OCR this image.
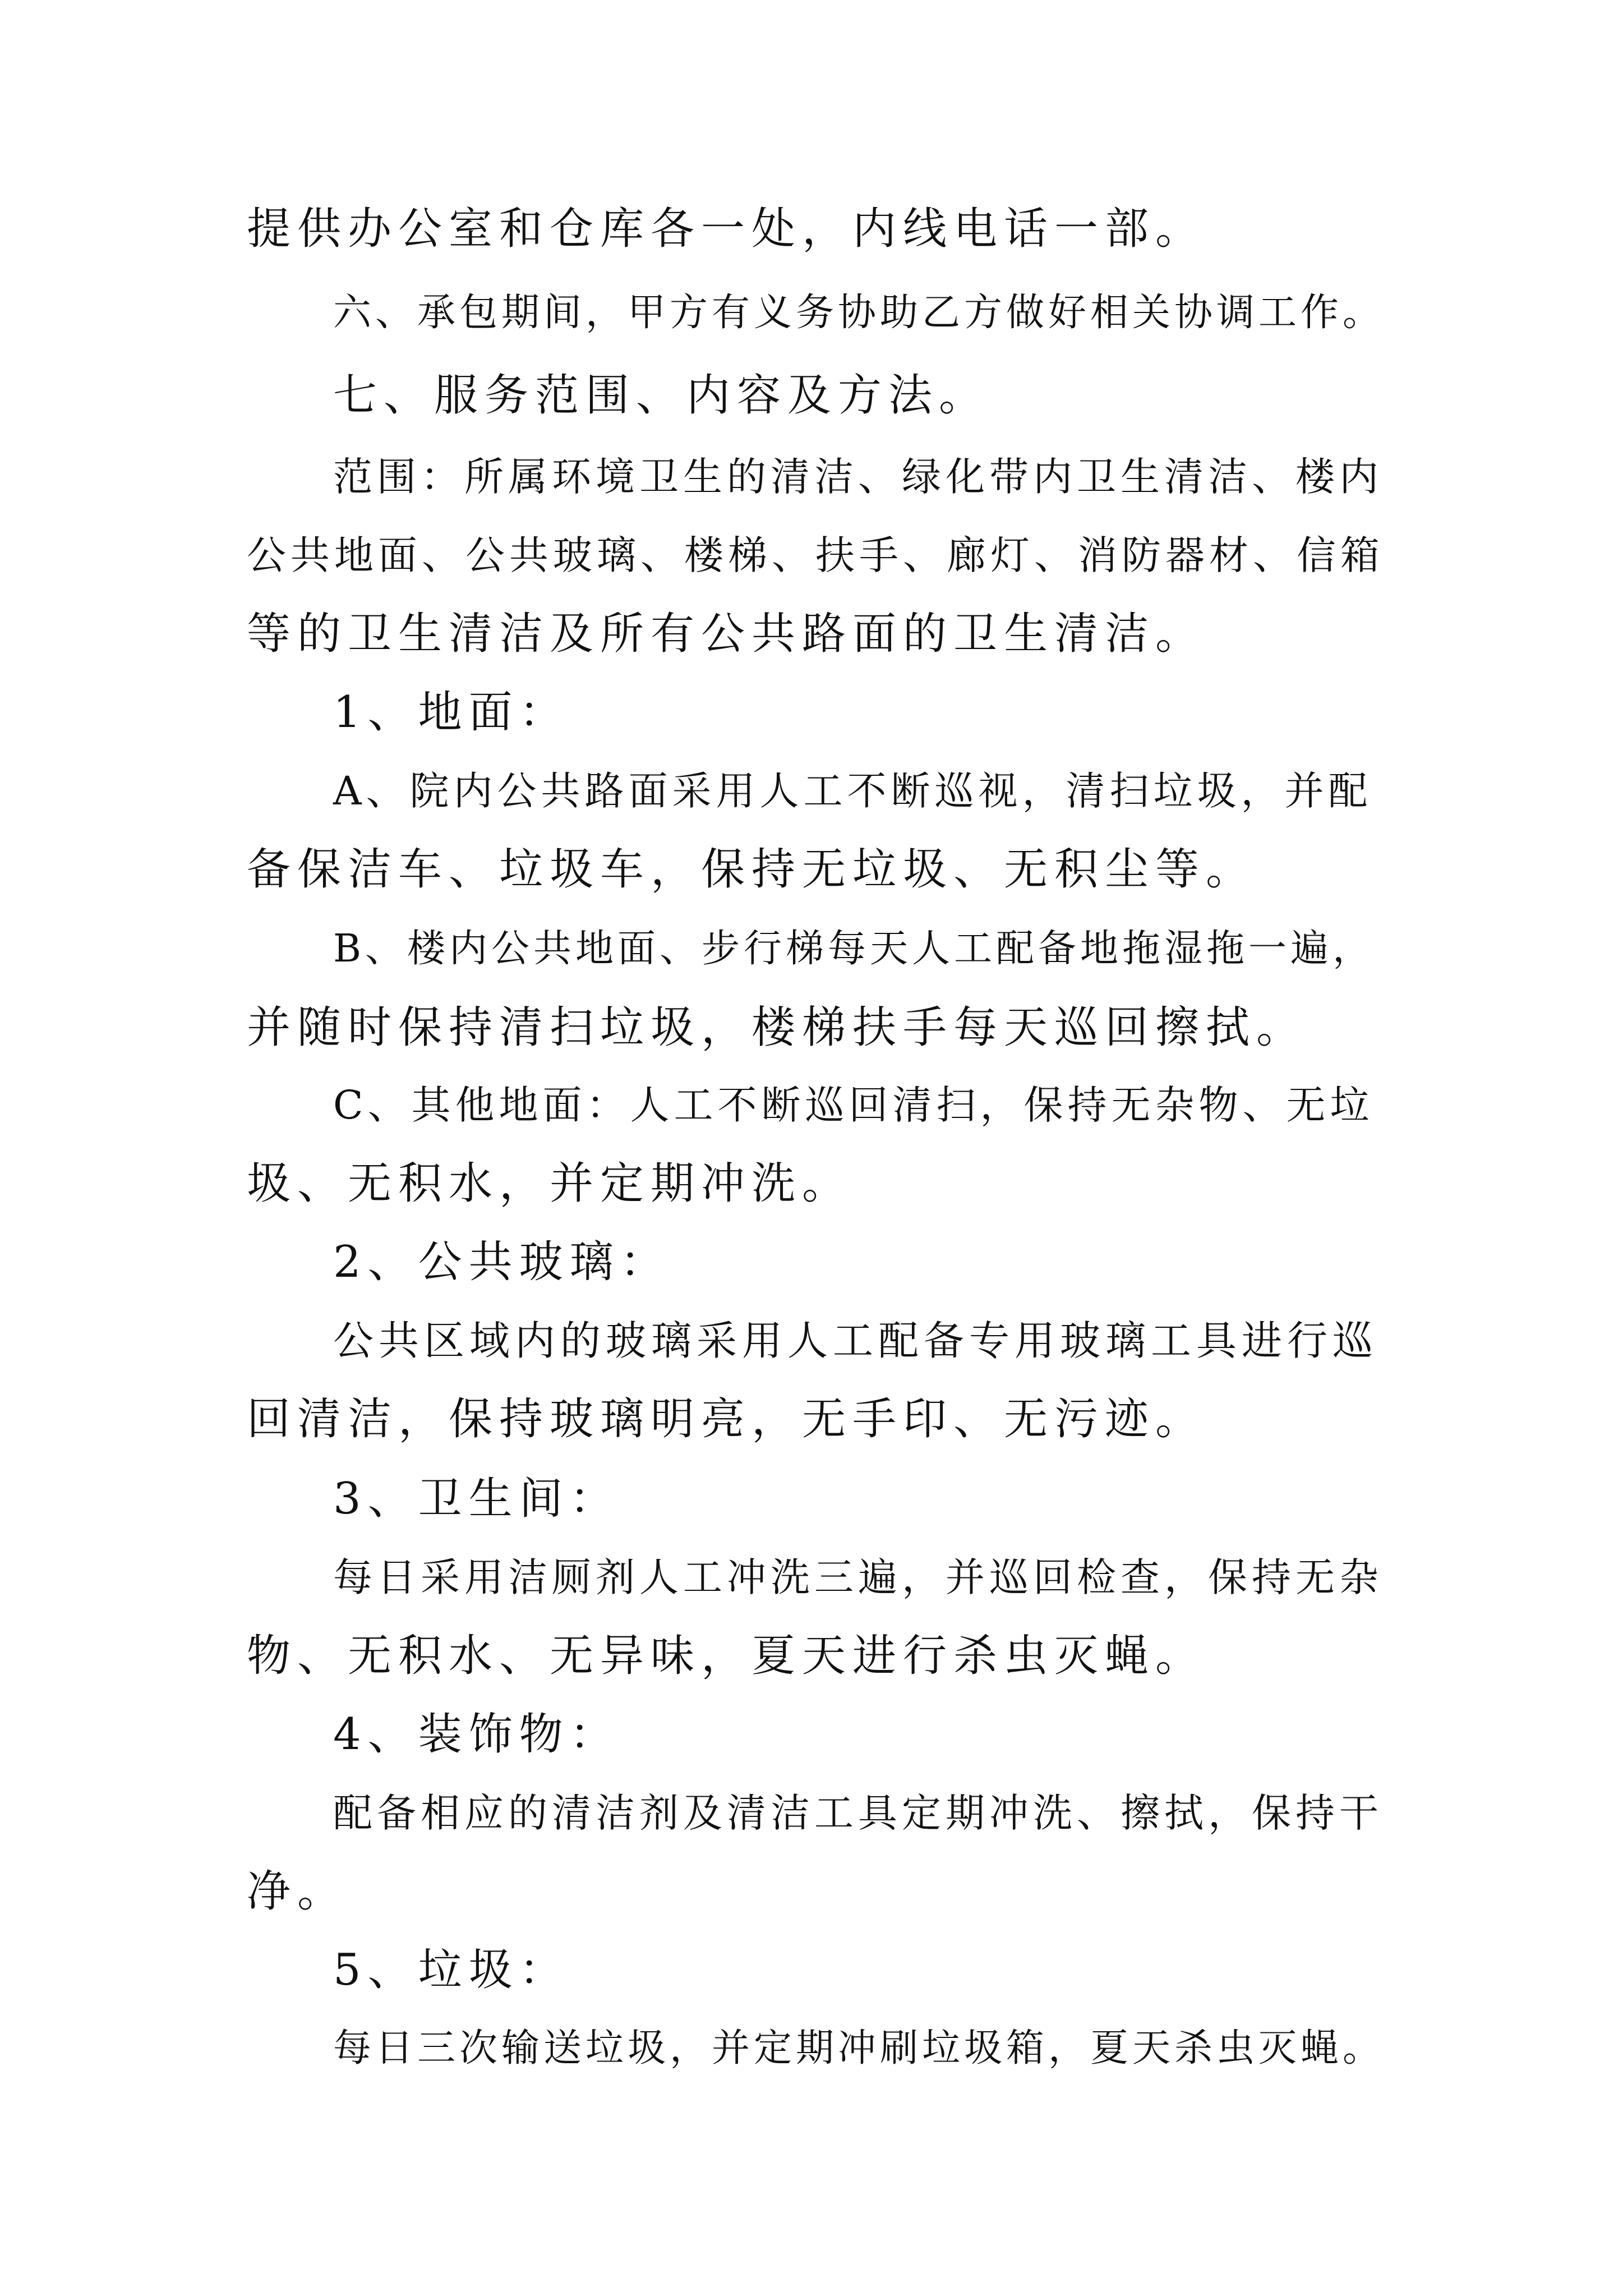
提供办公室和仓库各一处，内线电话一部。
六、承包期间，甲方有义务协助乙方做好相关协调工作。
七、服务范围、内容及方法。
范围：所属环境卫生的清洁、绿化带内卫生清洁、楼内
公共地面、公共玻璃、楼梯、扶手、廊灯、消防器材、信箱
等的卫生清洁及所有公共路面的卫生清洁。
1、地面：
A、院内公共路面采用人工不断巡视，清扫垃圾，并配
备保洁车、垃圾车，保持无垃圾、无积尘等。
B、楼内公共地面、步行梯每天人工配备地拖湿拖一遍，
并随时保持清扫垃圾，楼梯扶手每天巡回擦拭。
C、其他地面：人工不断巡回清扫，保持无杂物、无垃
圾、无积水，并定期冲洗。
2、公共玻璃：
公共区域内的玻璃采用人工配备专用玻璃工具进行巡
回清洁，保持玻璃明亮，无手印、无污迹。
3、卫生间：
每日采用洁厕剂人工冲洗三遍，并巡回检查，保持无杂
物、无积水、无异味，夏天进行杀虫灭蝇。
4、装饰物：
配备相应的清洁剂及清洁工具定期冲洗、擦拭，保持干
净。
5、垃圾：
每日三次输送垃圾，并定期冲刷垃圾箱，夏天杀虫灭蝇。
